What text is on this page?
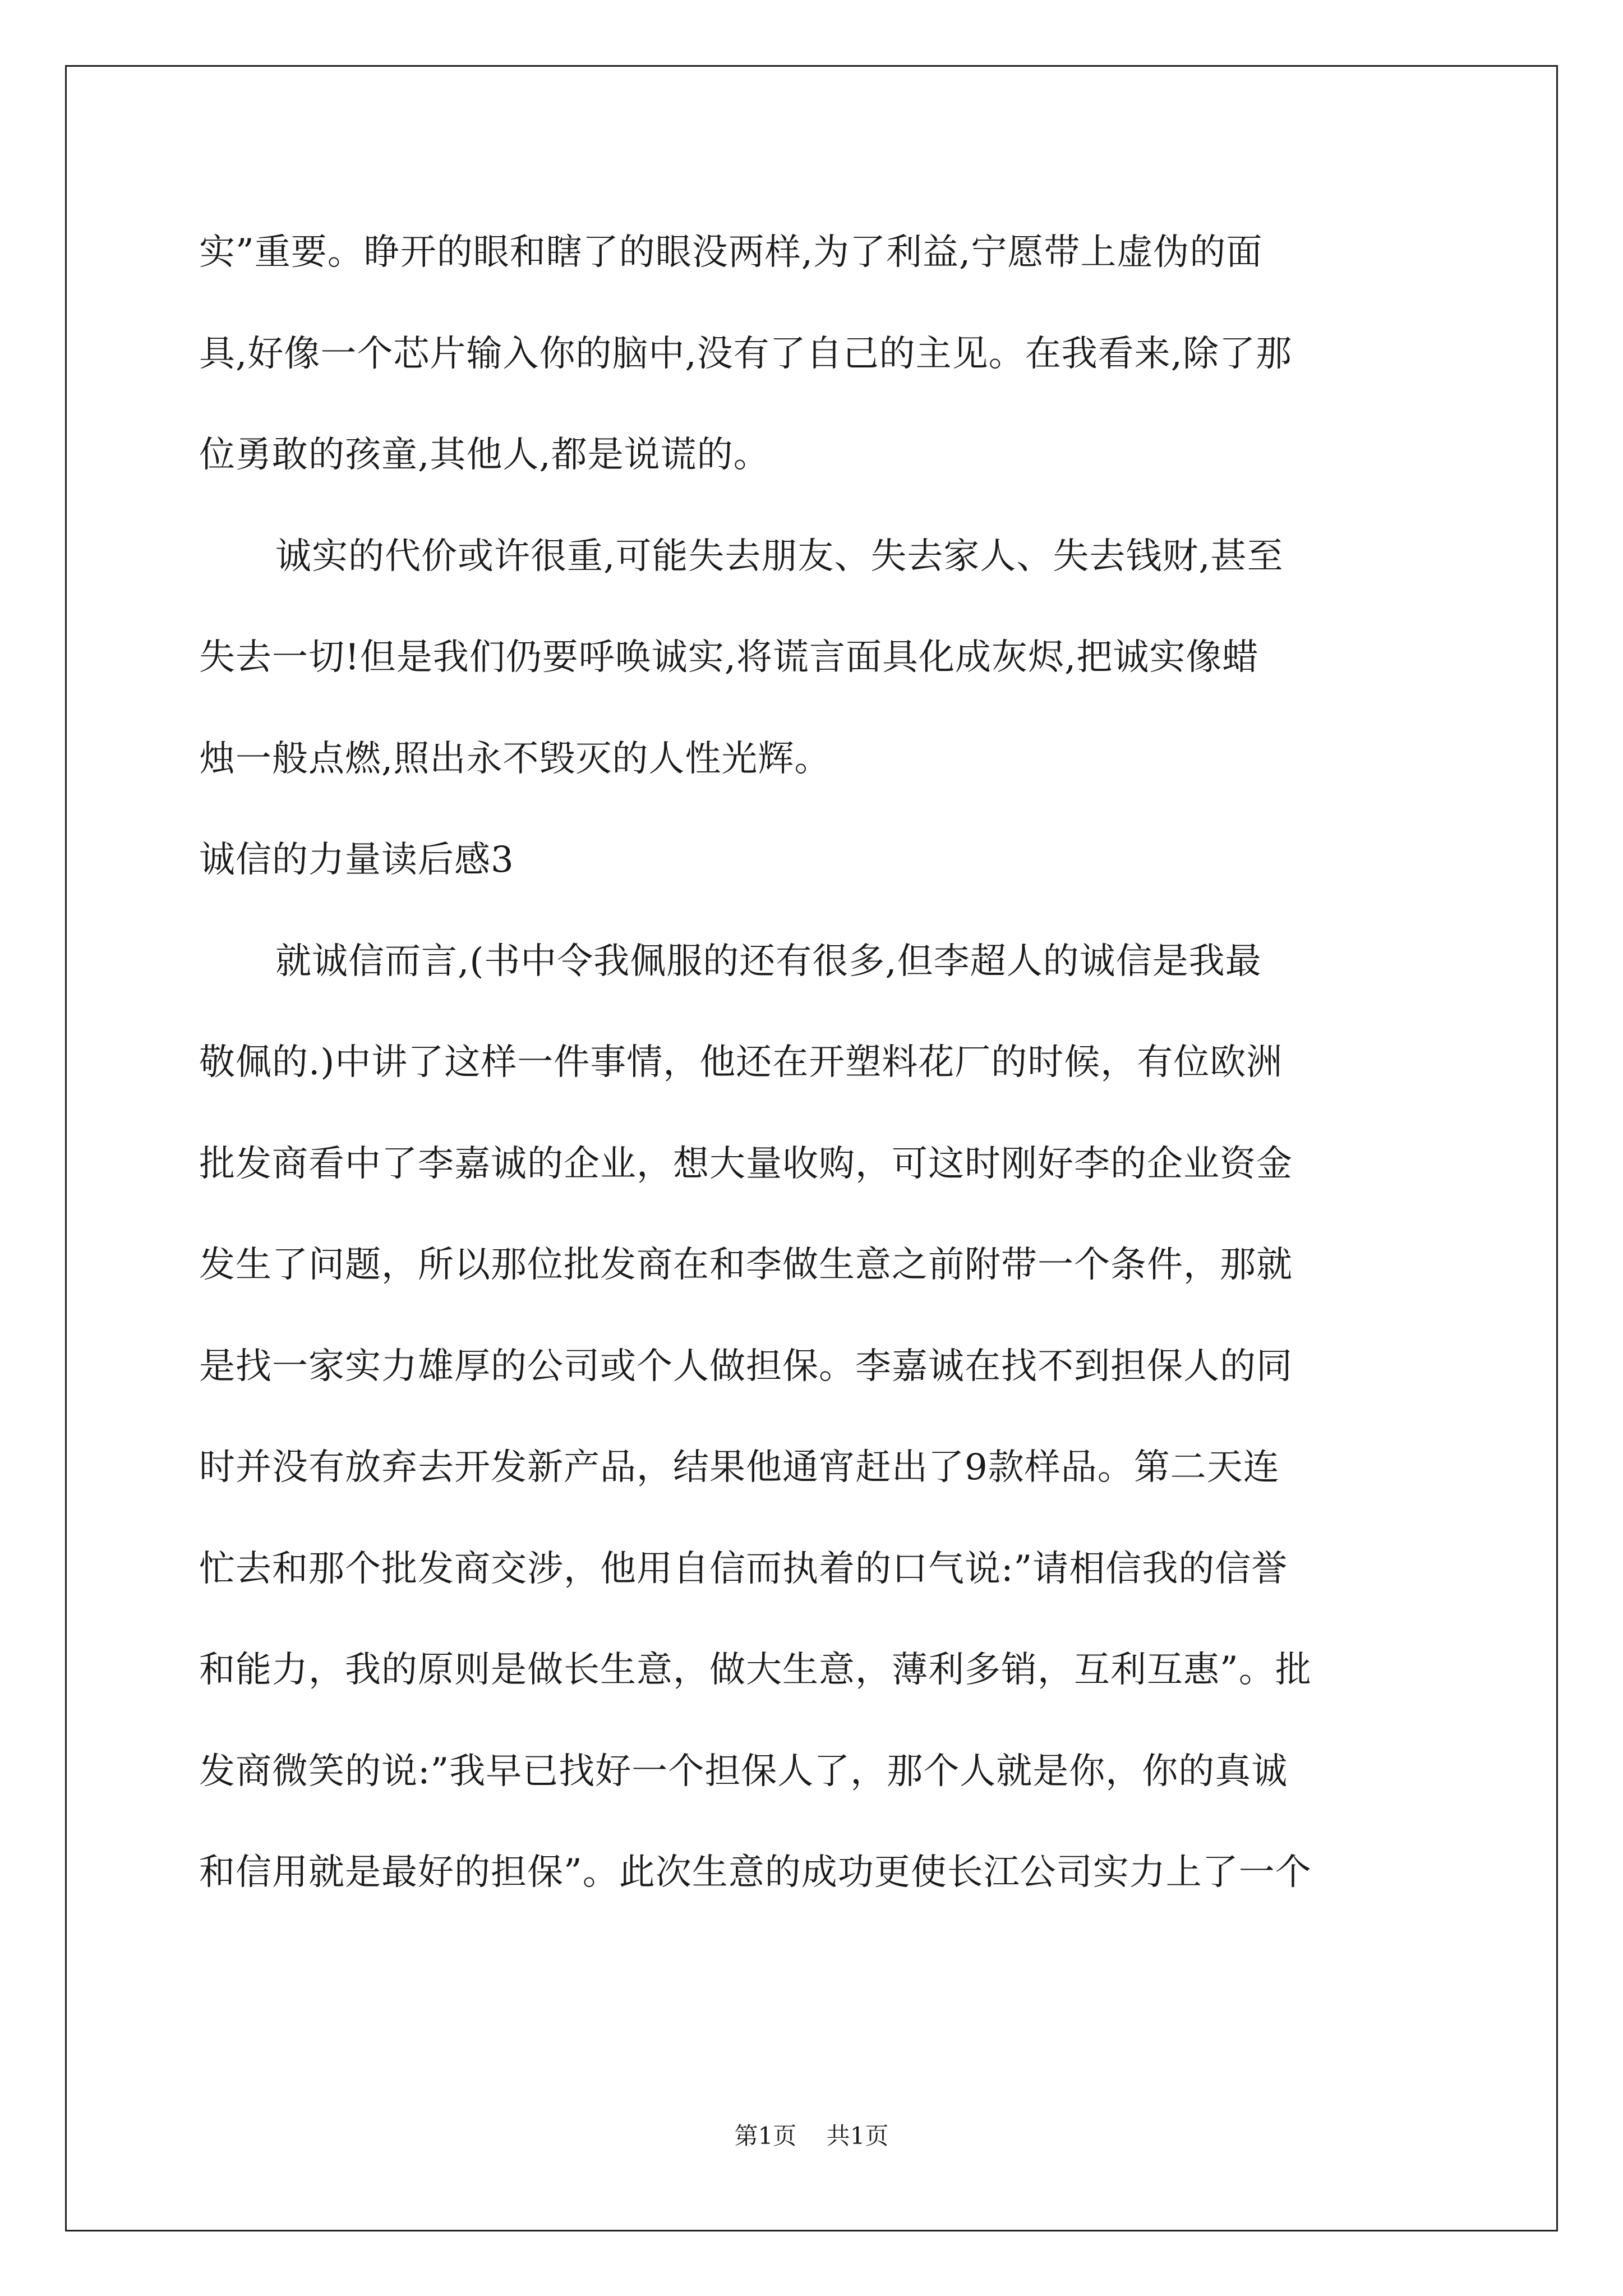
实”重要。睁开的眼和瞎了的眼没两样,为了利益,宁愿带上虚伪的面
具,好像一个芯片输入你的脑中,没有了自己的主见。在我看来,除了那
位勇敢的孩童,其他人,都是说谎的。
诚实的代价或许很重,可能失去朋友、失去家人、失去钱财,甚至
失去一切!但是我们仍要呼唤诚实,将谎言面具化成灰烬,把诚实像蜡
烛一般点燃,照出永不毁灭的人性光辉。
诚信的力量读后感3
就诚信而言,(书中令我佩服的还有很多,但李超人的诚信是我最
敬佩的.)中讲了这样一件事情，他还在开塑料花厂的时候，有位欧洲
批发商看中了李嘉诚的企业，想大量收购，可这时刚好李的企业资金
发生了问题，所以那位批发商在和李做生意之前附带一个条件，那就
是找一家实力雄厚的公司或个人做担保。李嘉诚在找不到担保人的同
时并没有放弃去开发新产品，结果他通宵赶出了9款样品。第二天连
忙去和那个批发商交涉，他用自信而执着的口气说:”请相信我的信誉
和能力，我的原则是做长生意，做大生意，薄利多销，互利互惠”。批
发商微笑的说:”我早已找好一个担保人了，那个人就是你，你的真诚
和信用就是最好的担保”。此次生意的成功更使长江公司实力上了一个
第1页    共1页
